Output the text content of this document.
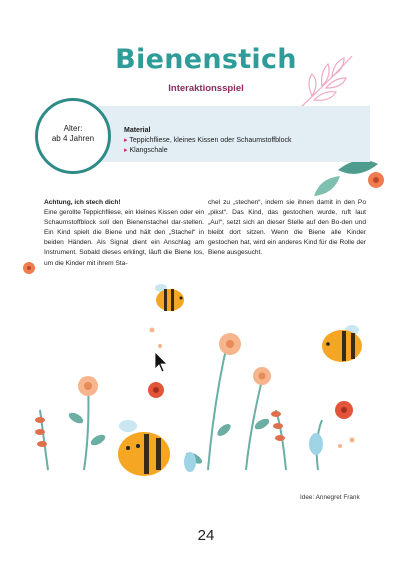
Bienenstich
Interaktionsspiel
Alter:
ab 4 Jahren
Material
▸ Teppichfliese, kleines Kissen oder Schaumstoffblock
▸ Klangschale
Achtung, ich stech dich!
Eine gerollte Teppichfliese, ein kleines Kissen oder ein Schaumstoffblock soll den Bienenstachel dar-stellen. Ein Kind spielt die Biene und hält den „Stachel“ in beiden Händen. Als Signal dient ein Anschlag am Instrument. Sobald dieses erklingt, läuft die Biene los, um die Kinder mit ihrem Sta-
chel zu „stechen“, indem sie ihnen damit in den Po „pikst“. Das Kind, das gestochen wurde, ruft laut „Au!“, setzt sich an dieser Stelle auf den Bo-den und bleibt dort sitzen. Wenn die Biene alle Kinder gestochen hat, wird ein anderes Kind für die Rolle der Biene ausgesucht.
Idee: Annegret Frank
24
